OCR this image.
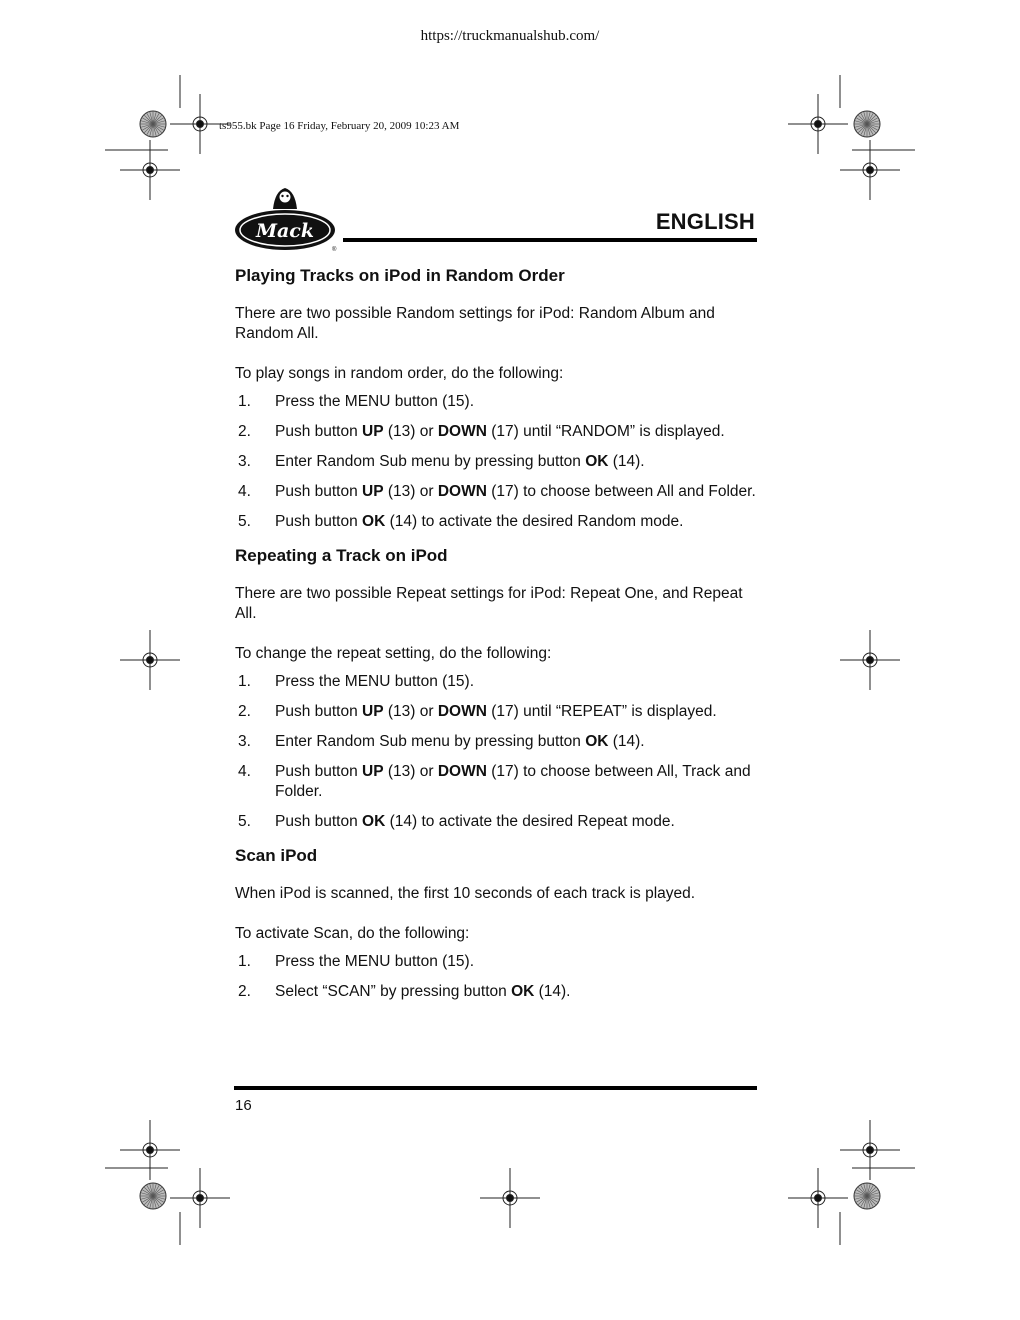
https://truckmanualshub.com/
ts955.bk Page 16 Friday, February 20, 2009 10:23 AM
Mack
®
ENGLISH
Playing Tracks on iPod in Random Order

There are two possible Random settings for iPod: Random Album and Random All.

To play songs in random order, do the following:

1. Press the MENU button (15).
2. Push button UP (13) or DOWN (17) until “RANDOM” is displayed.
3. Enter Random Sub menu by pressing button OK (14).
4. Push button UP (13) or DOWN (17) to choose between All and Folder.
5. Push button OK (14) to activate the desired Random mode.
Repeating a Track on iPod

There are two possible Repeat settings for iPod: Repeat One, and Repeat All.

To change the repeat setting, do the following:

1. Press the MENU button (15).
2. Push button UP (13) or DOWN (17) until “REPEAT” is displayed.
3. Enter Random Sub menu by pressing button OK (14).
4. Push button UP (13) or DOWN (17) to choose between All, Track and Folder.
5. Push button OK (14) to activate the desired Repeat mode.
Scan iPod

When iPod is scanned, the first 10 seconds of each track is played.

To activate Scan, do the following:

1. Press the MENU button (15).
2. Select “SCAN” by pressing button OK (14).
16
